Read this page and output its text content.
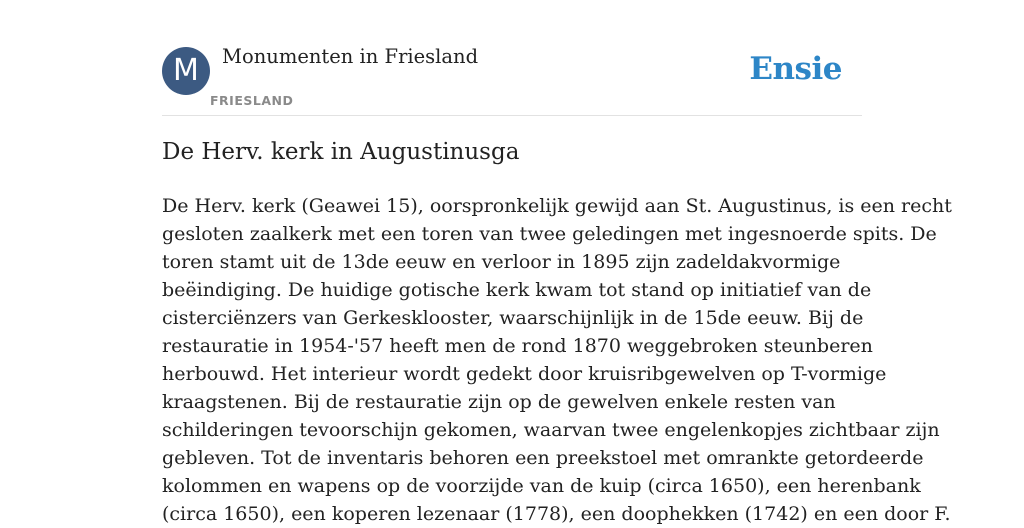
M	Monumenten in Friesland
FRIESLAND
Ensie
De Herv. kerk in Augustinusga
De Herv. kerk (Geawei 15), oorspronkelijk gewijd aan St. Augustinus, is een recht
gesloten zaalkerk met een toren van twee geledingen met ingesnoerde spits. De
toren stamt uit de 13de eeuw en verloor in 1895 zijn zadeldakvormige
beëindiging. De huidige gotische kerk kwam tot stand op initiatief van de
cisterciënzers van Gerkesklooster, waarschijnlijk in de 15de eeuw. Bij de
restauratie in 1954-'57 heeft men de rond 1870 weggebroken steunberen
herbouwd. Het interieur wordt gedekt door kruisribgewelven op T-vormige
kraagstenen. Bij de restauratie zijn op de gewelven enkele resten van
schilderingen tevoorschijn gekomen, waarvan twee engelenkopjes zichtbaar zijn
gebleven. Tot de inventaris behoren een preekstoel met omrankte getordeerde
kolommen en wapens op de voorzijde van de kuip (circa 1650), een herenbank
(circa 1650), een koperen lezenaar (1778), een doophekken (1742) en een door F.
